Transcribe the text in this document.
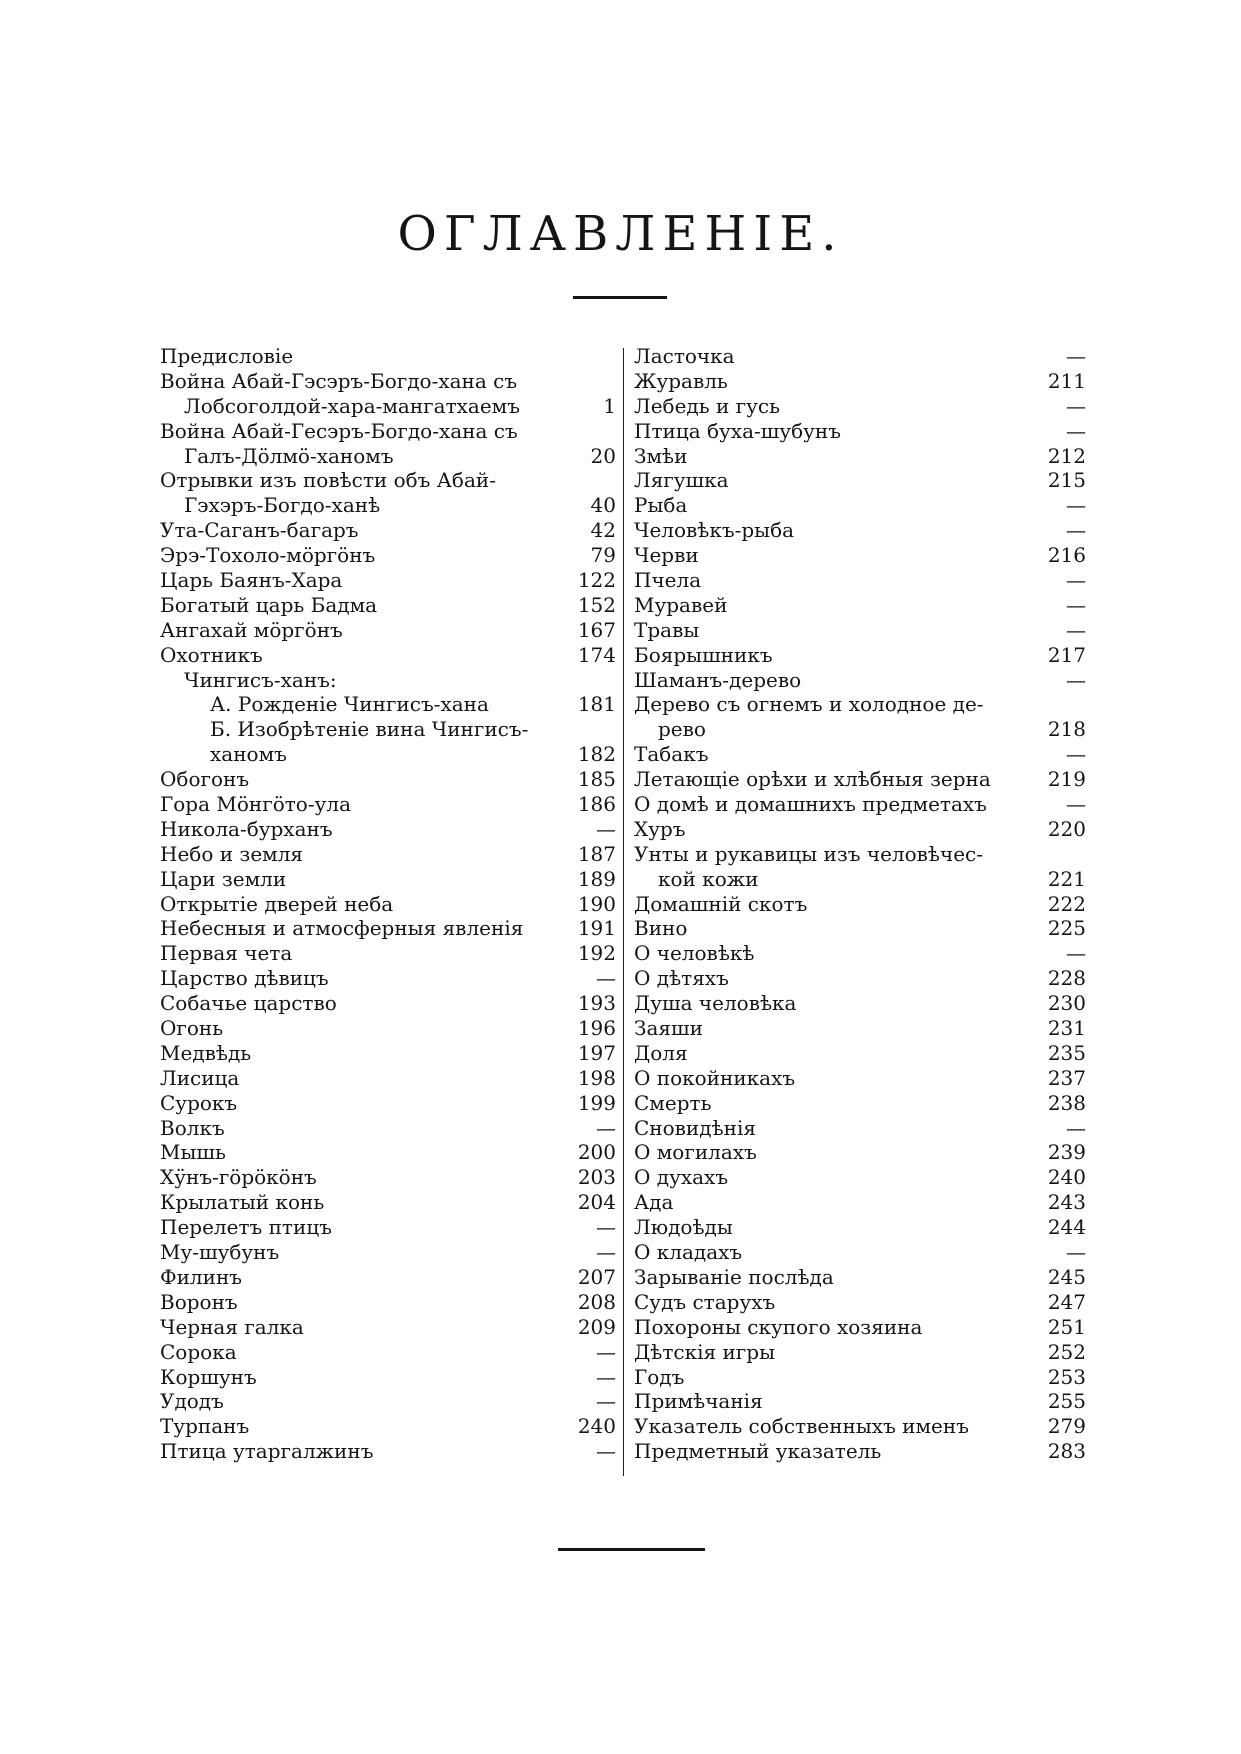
ОГЛАВЛЕНIЕ.
Предисловie
Война Абай-Гэсэръ-Богдо-хана съ
Лобсоголдой-хара-мангатхаемъ	1
Война Абай-Гесэръ-Богдо-хана съ
Галъ-Дӧлмӧ-ханомъ	20
Отрывки изъ повѣсти объ Абай-
Гэхэръ-Богдо-ханѣ	40
Ута-Саганъ-багаръ	42
Эрэ-Тохоло-мӧргӧнъ	79
Царь Баянъ-Хара	122
Богатый царь Бадма	152
Ангахай мӧргӧнъ	167
Охотникъ	174
Чингисъ-ханъ:
А. Рожденie Чингисъ-хана	181
Б. Изобрѣтенie вина Чингисъ-
ханомъ	182
Обогонъ	185
Гора Мӧнгӧто-ула	186
Никола-бурханъ	—
Небо и земля	187
Цари земли	189
Открытie дверей неба	190
Небесныя и атмосферныя явленiя	191
Первая чета	192
Царство дѣвицъ	—
Собачье царство	193
Огонь	196
Медвѣдь	197
Лисица	198
Сурокъ	199
Волкъ	—
Мышь	200
Хӱнъ-гӧрӧкӧнъ	203
Крылатый конь	204
Перелетъ птицъ	—
Му-шубунъ	—
Филинъ	207
Воронъ	208
Черная галка	209
Сорока	—
Коршунъ	—
Удодъ	—
Турпанъ	240
Птица утаргалжинъ	—
Ласточка	—
Журавль	211
Лебедь и гусь	—
Птица буха-шубунъ	—
Змѣи	212
Лягушка	215
Рыба	—
Человѣкъ-рыба	—
Черви	216
Пчела	—
Муравей	—
Травы	—
Боярышникъ	217
Шаманъ-дерево	—
Дерево съ огнемъ и холодное де-
рево	218
Табакъ	—
Летающiе орѣхи и хлѣбныя зерна	219
О домѣ и домашнихъ предметахъ	—
Хуръ	220
Унты и рукавицы изъ человѣчес-
кой кожи	221
Домашнiй скотъ	222
Вино	225
О человѣкѣ	—
О дѣтяхъ	228
Душа человѣка	230
Заяши	231
Доля	235
О покойникахъ	237
Смерть	238
Сновидѣнiя	—
О могилахъ	239
О духахъ	240
Ада	243
Людоѣды	244
О кладахъ	—
Зарыванie послѣда	245
Судъ старухъ	247
Похороны скупого хозяина	251
Дѣтскiя игры	252
Годъ	253
Примѣчанiя	255
Указатель собственныхъ именъ	279
Предметный указатель	283
